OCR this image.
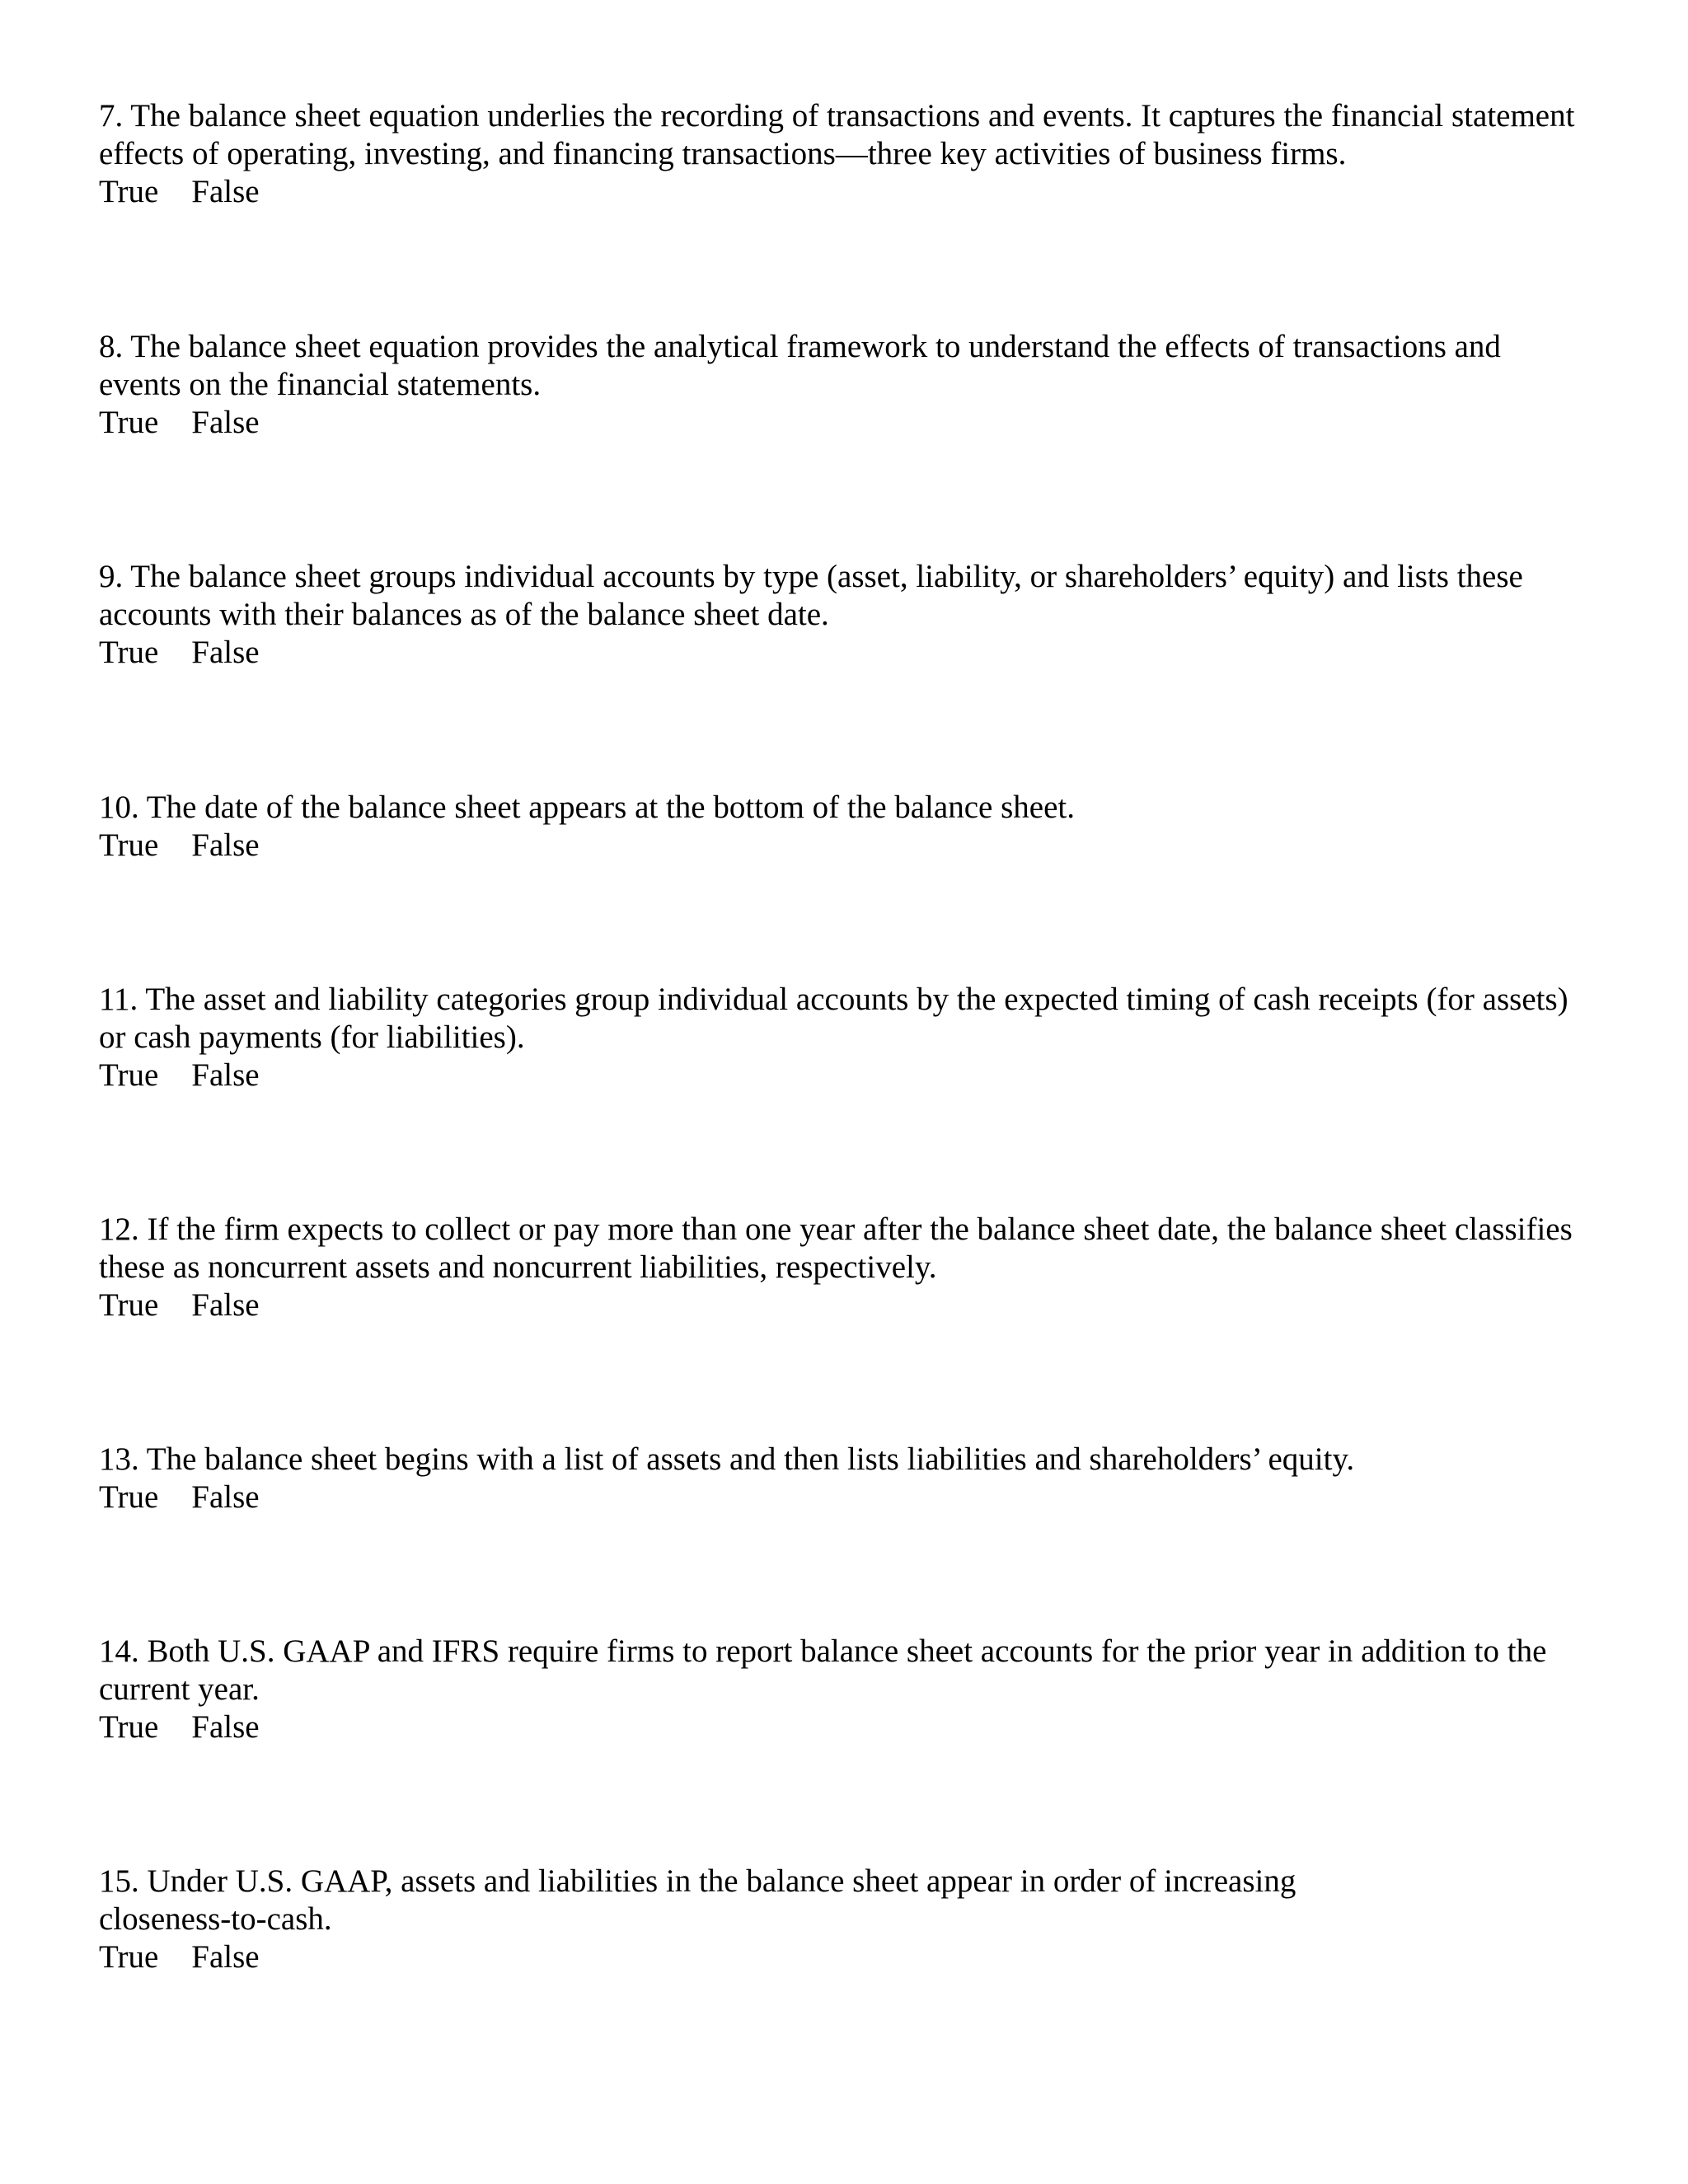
7. The balance sheet equation underlies the recording of transactions and events. It captures the financial statement effects of operating, investing, and financing transactions—three key activities of business firms.

True False

8. The balance sheet equation provides the analytical framework to understand the effects of transactions and events on the financial statements.

True False

9. The balance sheet groups individual accounts by type (asset, liability, or shareholders’ equity) and lists these accounts with their balances as of the balance sheet date.

True False

10. The date of the balance sheet appears at the bottom of the balance sheet.

True False

11. The asset and liability categories group individual accounts by the expected timing of cash receipts (for assets) or cash payments (for liabilities).

True False

12. If the firm expects to collect or pay more than one year after the balance sheet date, the balance sheet classifies these as noncurrent assets and noncurrent liabilities, respectively.

True False

13. The balance sheet begins with a list of assets and then lists liabilities and shareholders’ equity.

True False

14. Both U.S. GAAP and IFRS require firms to report balance sheet accounts for the prior year in addition to the current year.

True False

15. Under U.S. GAAP, assets and liabilities in the balance sheet appear in order of increasing closeness-to-cash.

True False
